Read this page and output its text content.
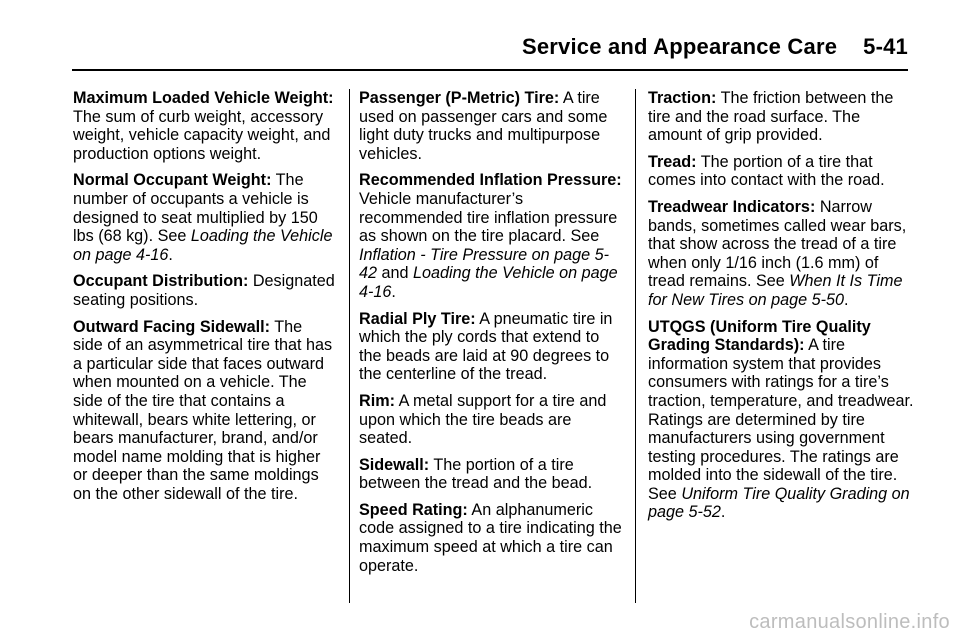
Service and Appearance Care 5-41

Maximum Loaded Vehicle Weight: The sum of curb weight, accessory weight, vehicle capacity weight, and production options weight.

Normal Occupant Weight: The number of occupants a vehicle is designed to seat multiplied by 150 lbs (68 kg). See Loading the Vehicle on page 4-16.

Occupant Distribution: Designated seating positions.

Outward Facing Sidewall: The side of an asymmetrical tire that has a particular side that faces outward when mounted on a vehicle. The side of the tire that contains a whitewall, bears white lettering, or bears manufacturer, brand, and/or model name molding that is higher or deeper than the same moldings on the other sidewall of the tire.

Passenger (P-Metric) Tire: A tire used on passenger cars and some light duty trucks and multipurpose vehicles.

Recommended Inflation Pressure: Vehicle manufacturer’s recommended tire inflation pressure as shown on the tire placard. See Inflation - Tire Pressure on page 5-42 and Loading the Vehicle on page 4-16.

Radial Ply Tire: A pneumatic tire in which the ply cords that extend to the beads are laid at 90 degrees to the centerline of the tread.

Rim: A metal support for a tire and upon which the tire beads are seated.

Sidewall: The portion of a tire between the tread and the bead.

Speed Rating: An alphanumeric code assigned to a tire indicating the maximum speed at which a tire can operate.

Traction: The friction between the tire and the road surface. The amount of grip provided.

Tread: The portion of a tire that comes into contact with the road.

Treadwear Indicators: Narrow bands, sometimes called wear bars, that show across the tread of a tire when only 1/16 inch (1.6 mm) of tread remains. See When It Is Time for New Tires on page 5-50.

UTQGS (Uniform Tire Quality Grading Standards): A tire information system that provides consumers with ratings for a tire’s traction, temperature, and treadwear. Ratings are determined by tire manufacturers using government testing procedures. The ratings are molded into the sidewall of the tire. See Uniform Tire Quality Grading on page 5-52.

carmanualsonline.info
